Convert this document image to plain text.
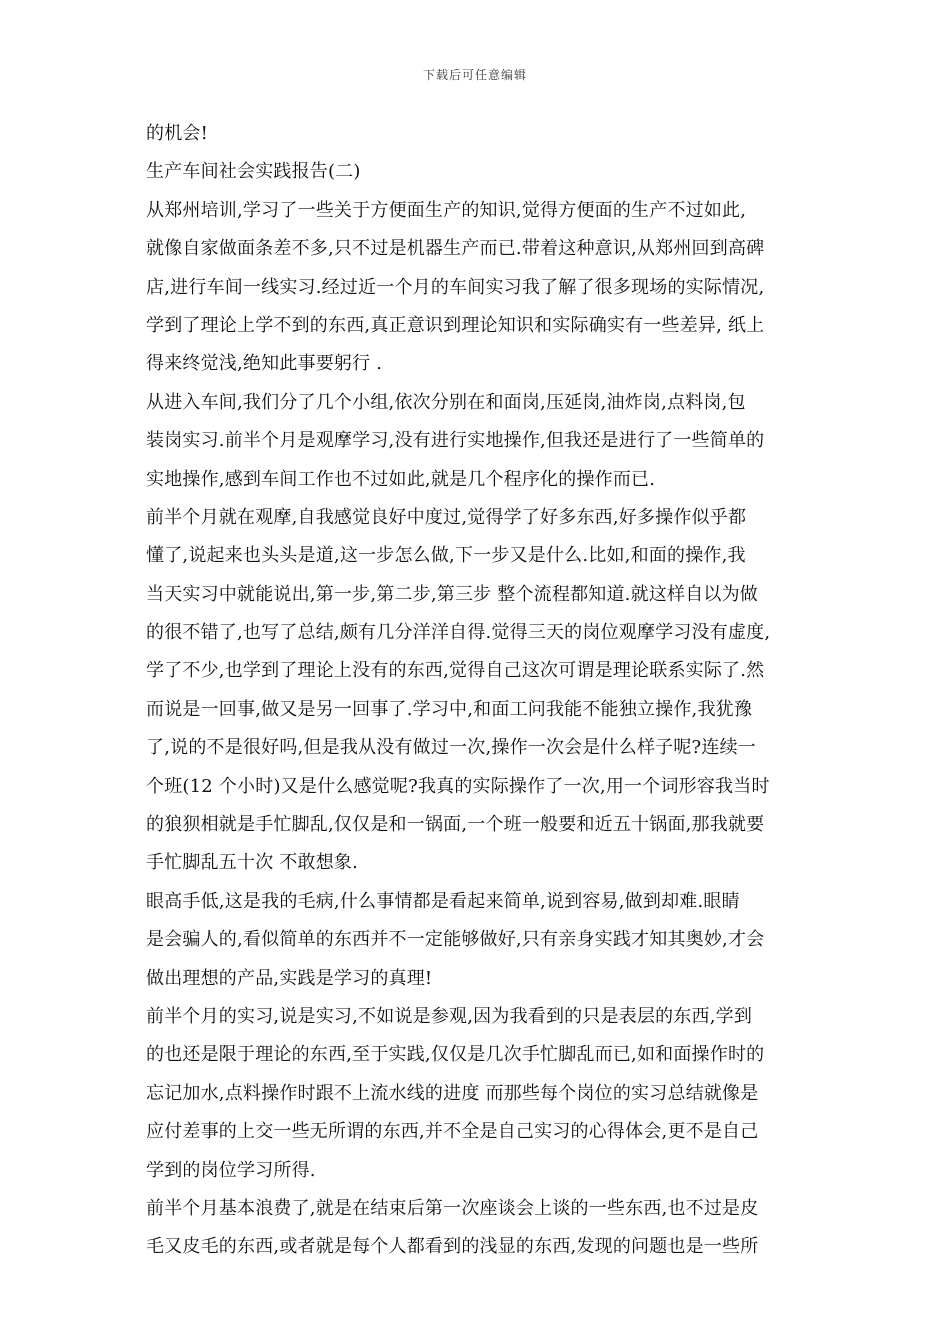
下载后可任意编辑
的机会!
生产车间社会实践报告(二)
从郑州培训,学习了一些关于方便面生产的知识,觉得方便面的生产不过如此,
就像自家做面条差不多,只不过是机器生产而已.带着这种意识,从郑州回到高碑
店,进行车间一线实习.经过近一个月的车间实习我了解了很多现场的实际情况,
学到了理论上学不到的东西,真正意识到理论知识和实际确实有一些差异, 纸上
得来终觉浅,绝知此事要躬行 .
从进入车间,我们分了几个小组,依次分别在和面岗,压延岗,油炸岗,点料岗,包
装岗实习.前半个月是观摩学习,没有进行实地操作,但我还是进行了一些简单的
实地操作,感到车间工作也不过如此,就是几个程序化的操作而已.
前半个月就在观摩,自我感觉良好中度过,觉得学了好多东西,好多操作似乎都
懂了,说起来也头头是道,这一步怎么做,下一步又是什么.比如,和面的操作,我
当天实习中就能说出,第一步,第二步,第三步 整个流程都知道.就这样自以为做
的很不错了,也写了总结,颇有几分洋洋自得.觉得三天的岗位观摩学习没有虚度,
学了不少,也学到了理论上没有的东西,觉得自己这次可谓是理论联系实际了.然
而说是一回事,做又是另一回事了.学习中,和面工问我能不能独立操作,我犹豫
了,说的不是很好吗,但是我从没有做过一次,操作一次会是什么样子呢?连续一
个班(12 个小时)又是什么感觉呢?我真的实际操作了一次,用一个词形容我当时
的狼狈相就是手忙脚乱,仅仅是和一锅面,一个班一般要和近五十锅面,那我就要
手忙脚乱五十次 不敢想象.
眼高手低,这是我的毛病,什么事情都是看起来简单,说到容易,做到却难.眼睛
是会骗人的,看似简单的东西并不一定能够做好,只有亲身实践才知其奥妙,才会
做出理想的产品,实践是学习的真理!
前半个月的实习,说是实习,不如说是参观,因为我看到的只是表层的东西,学到
的也还是限于理论的东西,至于实践,仅仅是几次手忙脚乱而已,如和面操作时的
忘记加水,点料操作时跟不上流水线的进度 而那些每个岗位的实习总结就像是
应付差事的上交一些无所谓的东西,并不全是自己实习的心得体会,更不是自己
学到的岗位学习所得.
前半个月基本浪费了,就是在结束后第一次座谈会上谈的一些东西,也不过是皮
毛又皮毛的东西,或者就是每个人都看到的浅显的东西,发现的问题也是一些所
